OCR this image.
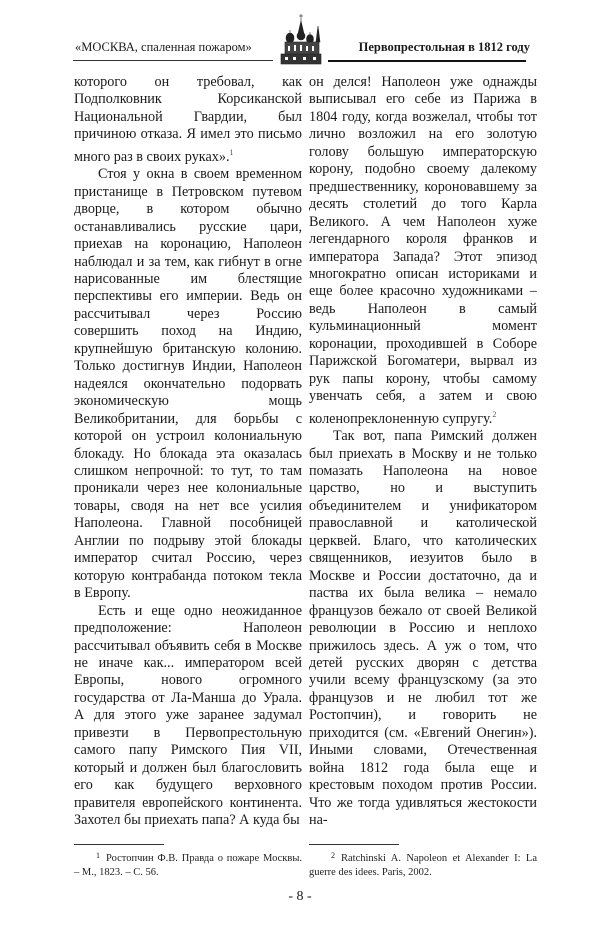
«МОСКВА, спаленная пожаром»	Первопрестольная в 1812 году

которого он требовал, как Подполковник Корсиканской Национальной Гвардии, был причиною отказа. Я имел это письмо много раз в своих руках».$^1$

Стоя у окна в своем временном пристанище в Петровском путевом дворце, в котором обычно останавливались русские цари, приехав на коронацию, Наполеон наблюдал и за тем, как гибнут в огне нарисованные им блестящие перспективы его империи. Ведь он рассчитывал через Россию совершить поход на Индию, крупнейшую британскую колонию. Только достигнув Индии, Наполеон надеялся окончательно подорвать экономическую мощь Великобритании, для борьбы с которой он устроил колониальную блокаду. Но блокада эта оказалась слишком непрочной: то тут, то там проникали через нее колониальные товары, сводя на нет все усилия Наполеона. Главной пособницей Англии по подрыву этой блокады император считал Россию, через которую контрабанда потоком текла в Европу.

Есть и еще одно неожиданное предположение: Наполеон рассчитывал объявить себя в Москве не иначе как... императором всей Европы, нового огромного государства от Ла-Манша до Урала. А для этого уже заранее задумал привезти в Первопрестольную самого папу Римского Пия VII, который и должен был благословить его как будущего верховного правителя европейского континента. Захотел бы приехать папа? А куда бы

он делся! Наполеон уже однажды выписывал его себе из Парижа в 1804 году, когда возжелал, чтобы тот лично возложил на его золотую голову большую императорскую корону, подобно своему далекому предшественнику, короновавшему за десять столетий до того Карла Великого. А чем Наполеон хуже легендарного короля франков и императора Запада? Этот эпизод многократно описан историками и еще более красочно художниками – ведь Наполеон в самый кульминационный момент коронации, проходившей в Соборе Парижской Богоматери, вырвал из рук папы корону, чтобы самому увенчать себя, а затем и свою коленопреклоненную супругу.$^2$

Так вот, папа Римский должен был приехать в Москву и не только помазать Наполеона на новое царство, но и выступить объединителем и унификатором православной и католической церквей. Благо, что католических священников, иезуитов было в Москве и России достаточно, да и паства их была велика – немало французов бежало от своей Великой революции в Россию и неплохо прижилось здесь. А уж о том, что детей русских дворян с детства учили всему французскому (за это французов и не любил тот же Ростопчин), и говорить не приходится (см. «Евгений Онегин»). Иными словами, Отечественная война 1812 года была еще и крестовым походом против России. Что же тогда удивляться жестокости на-

1 Ростопчин Ф.В. Правда о пожаре Москвы. – М., 1823. – С. 56.
2 Ratchinski A. Napoleon et Alexander I: La guerre des idees. Paris, 2002.
- 8 -
